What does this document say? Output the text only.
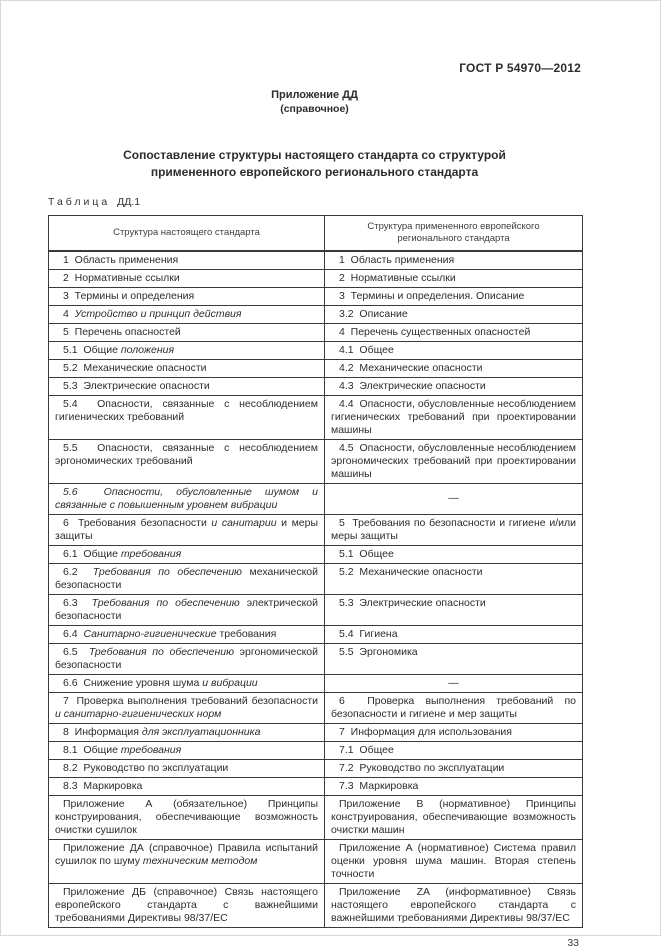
ГОСТ Р 54970—2012
Приложение ДД
(справочное)
Сопоставление структуры настоящего стандарта со структурой
примененного европейского регионального стандарта
Таблица ДД.1
Структура настоящего стандарта	Структура примененного европейского регионального стандарта
1  Область применения	1  Область применения
2  Нормативные ссылки	2  Нормативные ссылки
3  Термины и определения	3  Термины и определения. Описание
4  Устройство и принцип действия	3.2  Описание
5  Перечень опасностей	4  Перечень существенных опасностей
5.1  Общие положения	4.1  Общее
5.2  Механические опасности	4.2  Механические опасности
5.3  Электрические опасности	4.3  Электрические опасности
5.4  Опасности, связанные с несоблюдением гигиенических требований	4.4  Опасности, обусловленные несоблюдением гигиенических требований при проектировании машины
5.5  Опасности, связанные с несоблюдением эргономических требований	4.5  Опасности, обусловленные несоблюдением эргономических требований при проектировании машины
5.6  Опасности, обусловленные шумом и связанные с повышенным уровнем вибрации	—
6  Требования безопасности и санитарии и меры защиты	5  Требования по безопасности и гигиене и/или меры защиты
6.1  Общие требования	5.1  Общее
6.2  Требования по обеспечению механической безопасности	5.2  Механические опасности
6.3  Требования по обеспечению электрической безопасности	5.3  Электрические опасности
6.4  Санитарно-гигиенические требования	5.4  Гигиена
6.5  Требования по обеспечению эргономической безопасности	5.5  Эргономика
6.6  Снижение уровня шума и вибрации	—
7  Проверка выполнения требований безопасности и санитарно-гигиенических норм	6  Проверка выполнения требований по безопасности и гигиене и мер защиты
8  Информация для эксплуатационника	7  Информация для использования
8.1  Общие требования	7.1  Общее
8.2  Руководство по эксплуатации	7.2  Руководство по эксплуатации
8.3  Маркировка	7.3  Маркировка
Приложение А (обязательное) Принципы конструирования, обеспечивающие возможность очистки сушилок	Приложение В (нормативное) Принципы конструирования, обеспечивающие возможность очистки машин
Приложение ДА (справочное) Правила испытаний сушилок по шуму техническим методом	Приложение А (нормативное) Система правил оценки уровня шума машин. Вторая степень точности
Приложение ДБ (справочное) Связь настоящего европейского стандарта с важнейшими требованиями Директивы 98/37/ЕС	Приложение ZA (информативное) Связь настоящего европейского стандарта с важнейшими требованиями Директивы 98/37/ЕС
33
